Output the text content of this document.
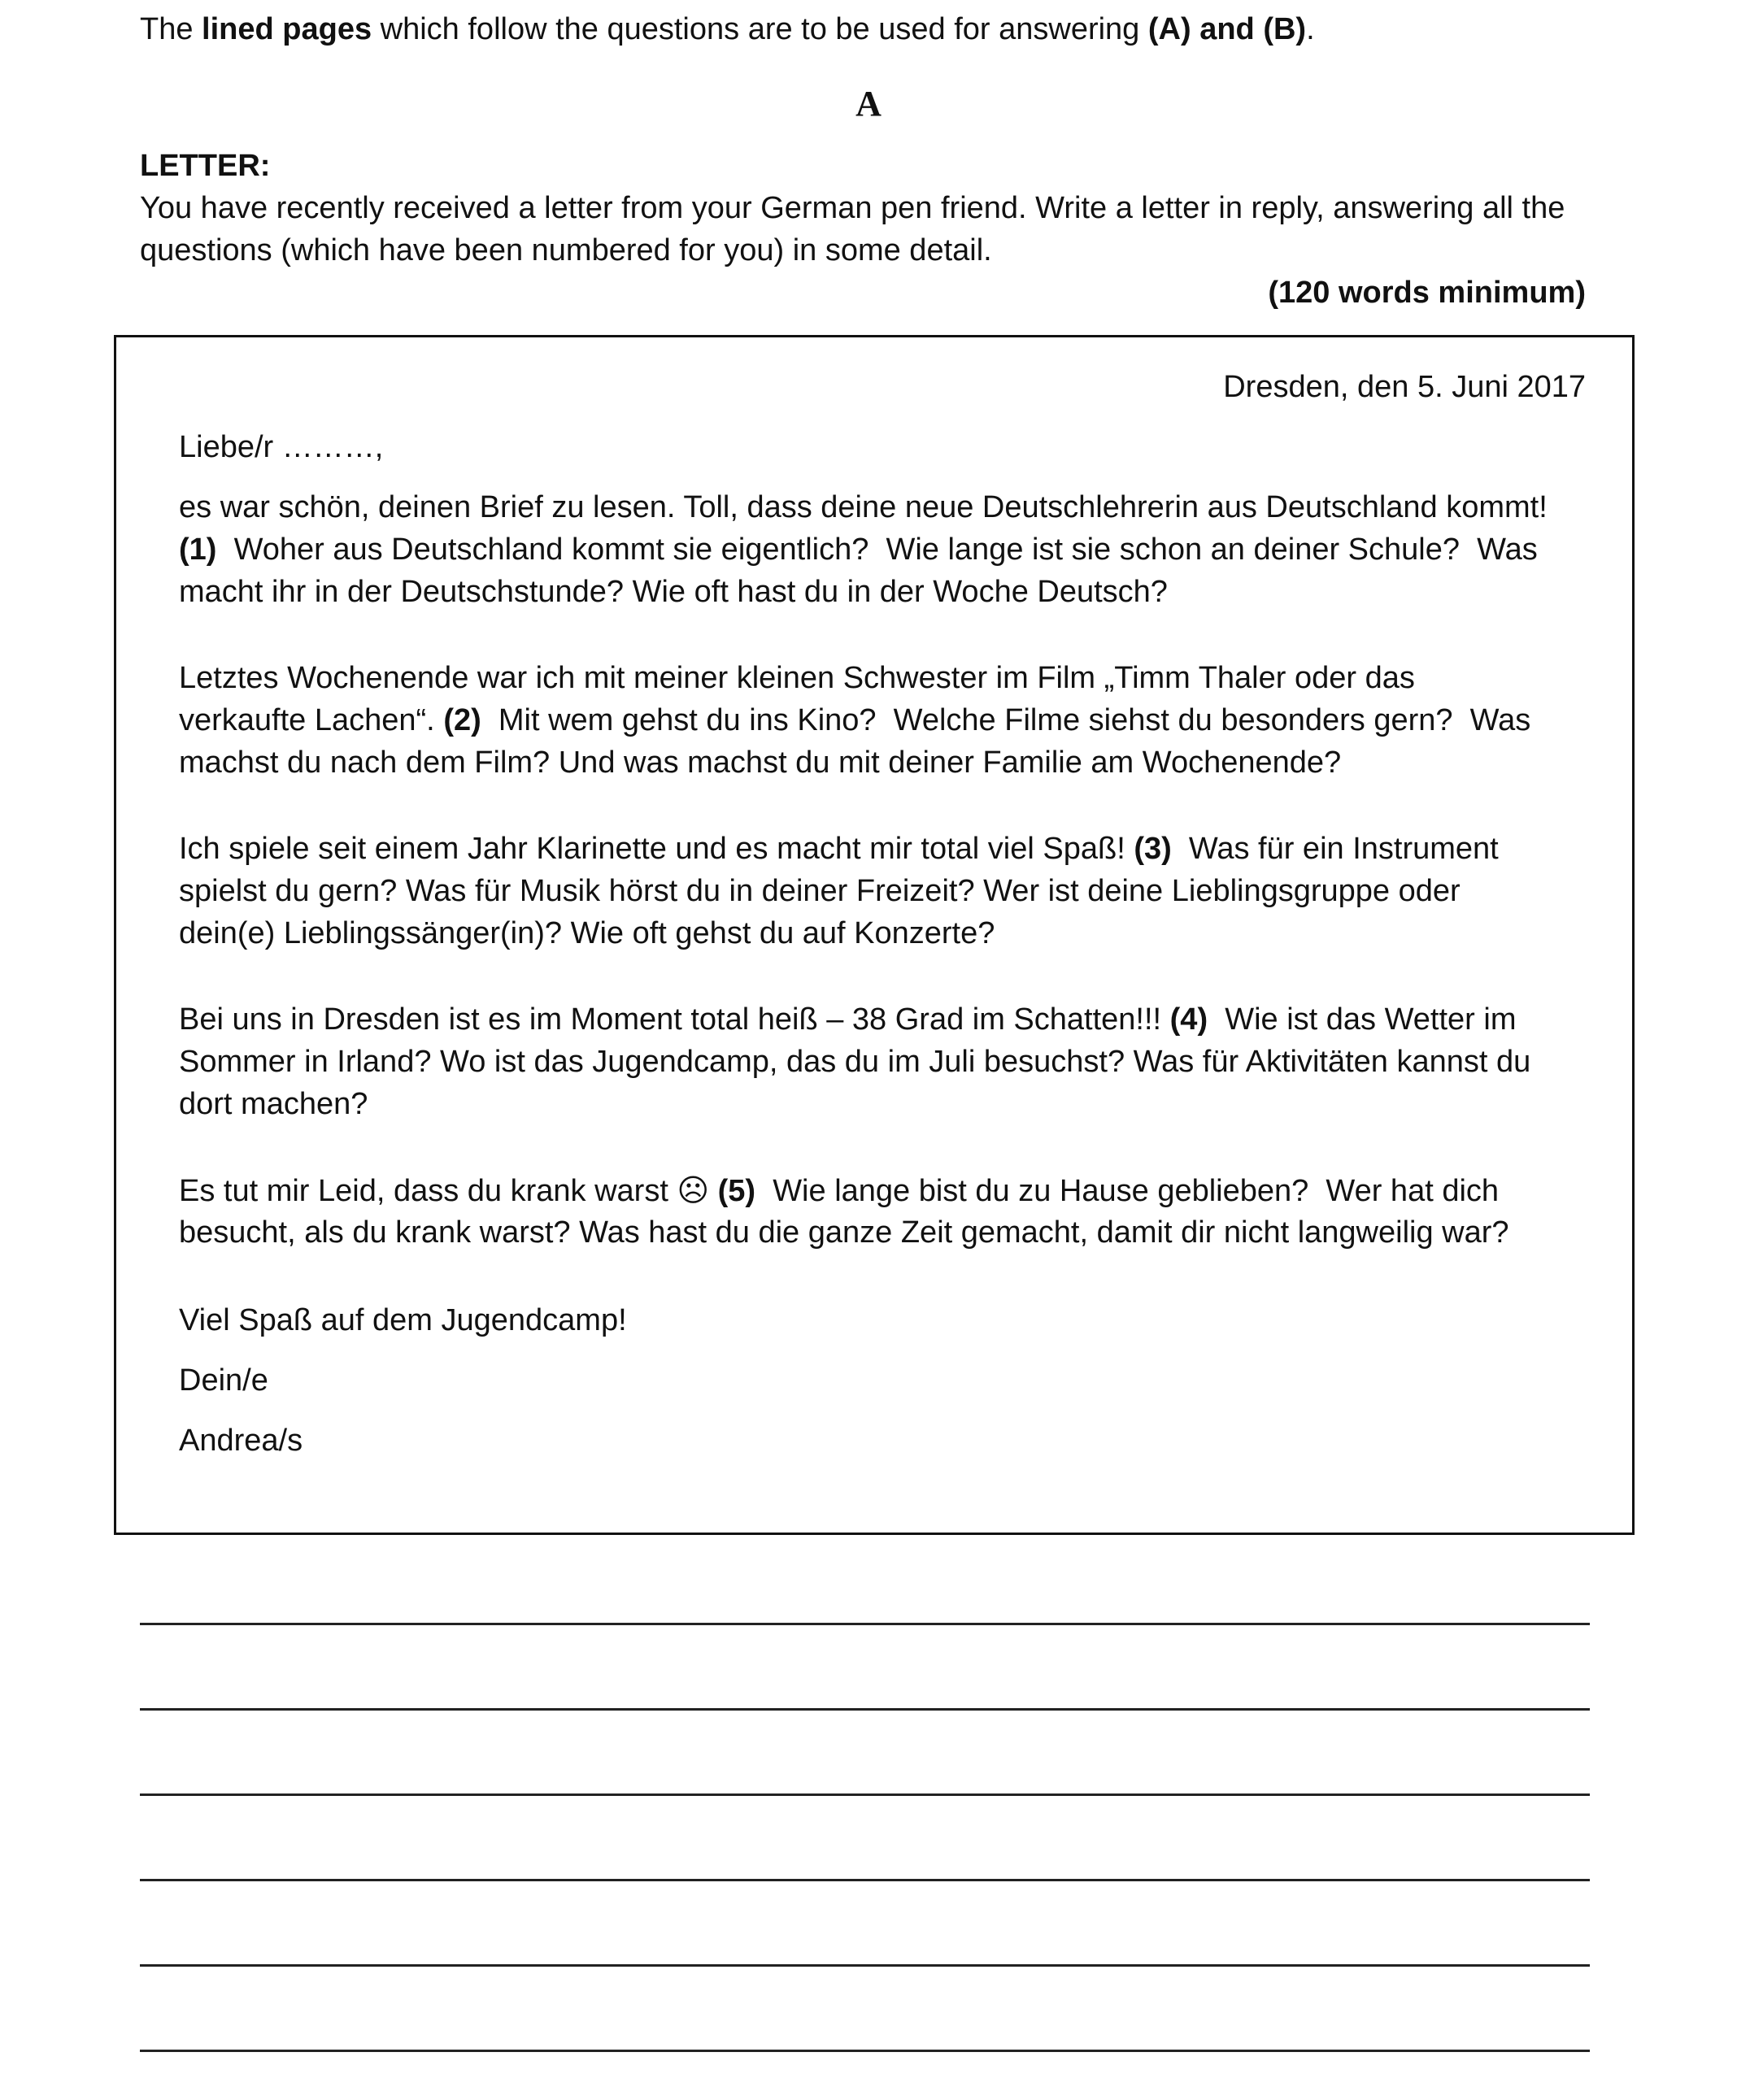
The lined pages which follow the questions are to be used for answering (A) and (B).
A
LETTER:
You have recently received a letter from your German pen friend. Write a letter in reply, answering all the
questions (which have been numbered for you) in some detail.
(120 words minimum)
Dresden, den 5. Juni 2017
Liebe/r ………,
es war schön, deinen Brief zu lesen. Toll, dass deine neue Deutschlehrerin aus Deutschland kommt!
(1)  Woher aus Deutschland kommt sie eigentlich?  Wie lange ist sie schon an deiner Schule?  Was
macht ihr in der Deutschstunde? Wie oft hast du in der Woche Deutsch?
Letztes Wochenende war ich mit meiner kleinen Schwester im Film „Timm Thaler oder das
verkaufte Lachen“. (2)  Mit wem gehst du ins Kino?  Welche Filme siehst du besonders gern?  Was
machst du nach dem Film? Und was machst du mit deiner Familie am Wochenende?
Ich spiele seit einem Jahr Klarinette und es macht mir total viel Spaß! (3)  Was für ein Instrument
spielst du gern? Was für Musik hörst du in deiner Freizeit? Wer ist deine Lieblingsgruppe oder
dein(e) Lieblingssänger(in)? Wie oft gehst du auf Konzerte?
Bei uns in Dresden ist es im Moment total heiß – 38 Grad im Schatten!!! (4)  Wie ist das Wetter im
Sommer in Irland? Wo ist das Jugendcamp, das du im Juli besuchst? Was für Aktivitäten kannst du
dort machen?
Es tut mir Leid, dass du krank warst ☹ (5)  Wie lange bist du zu Hause geblieben?  Wer hat dich
besucht, als du krank warst? Was hast du die ganze Zeit gemacht, damit dir nicht langweilig war?
Viel Spaß auf dem Jugendcamp!
Dein/e
Andrea/s
